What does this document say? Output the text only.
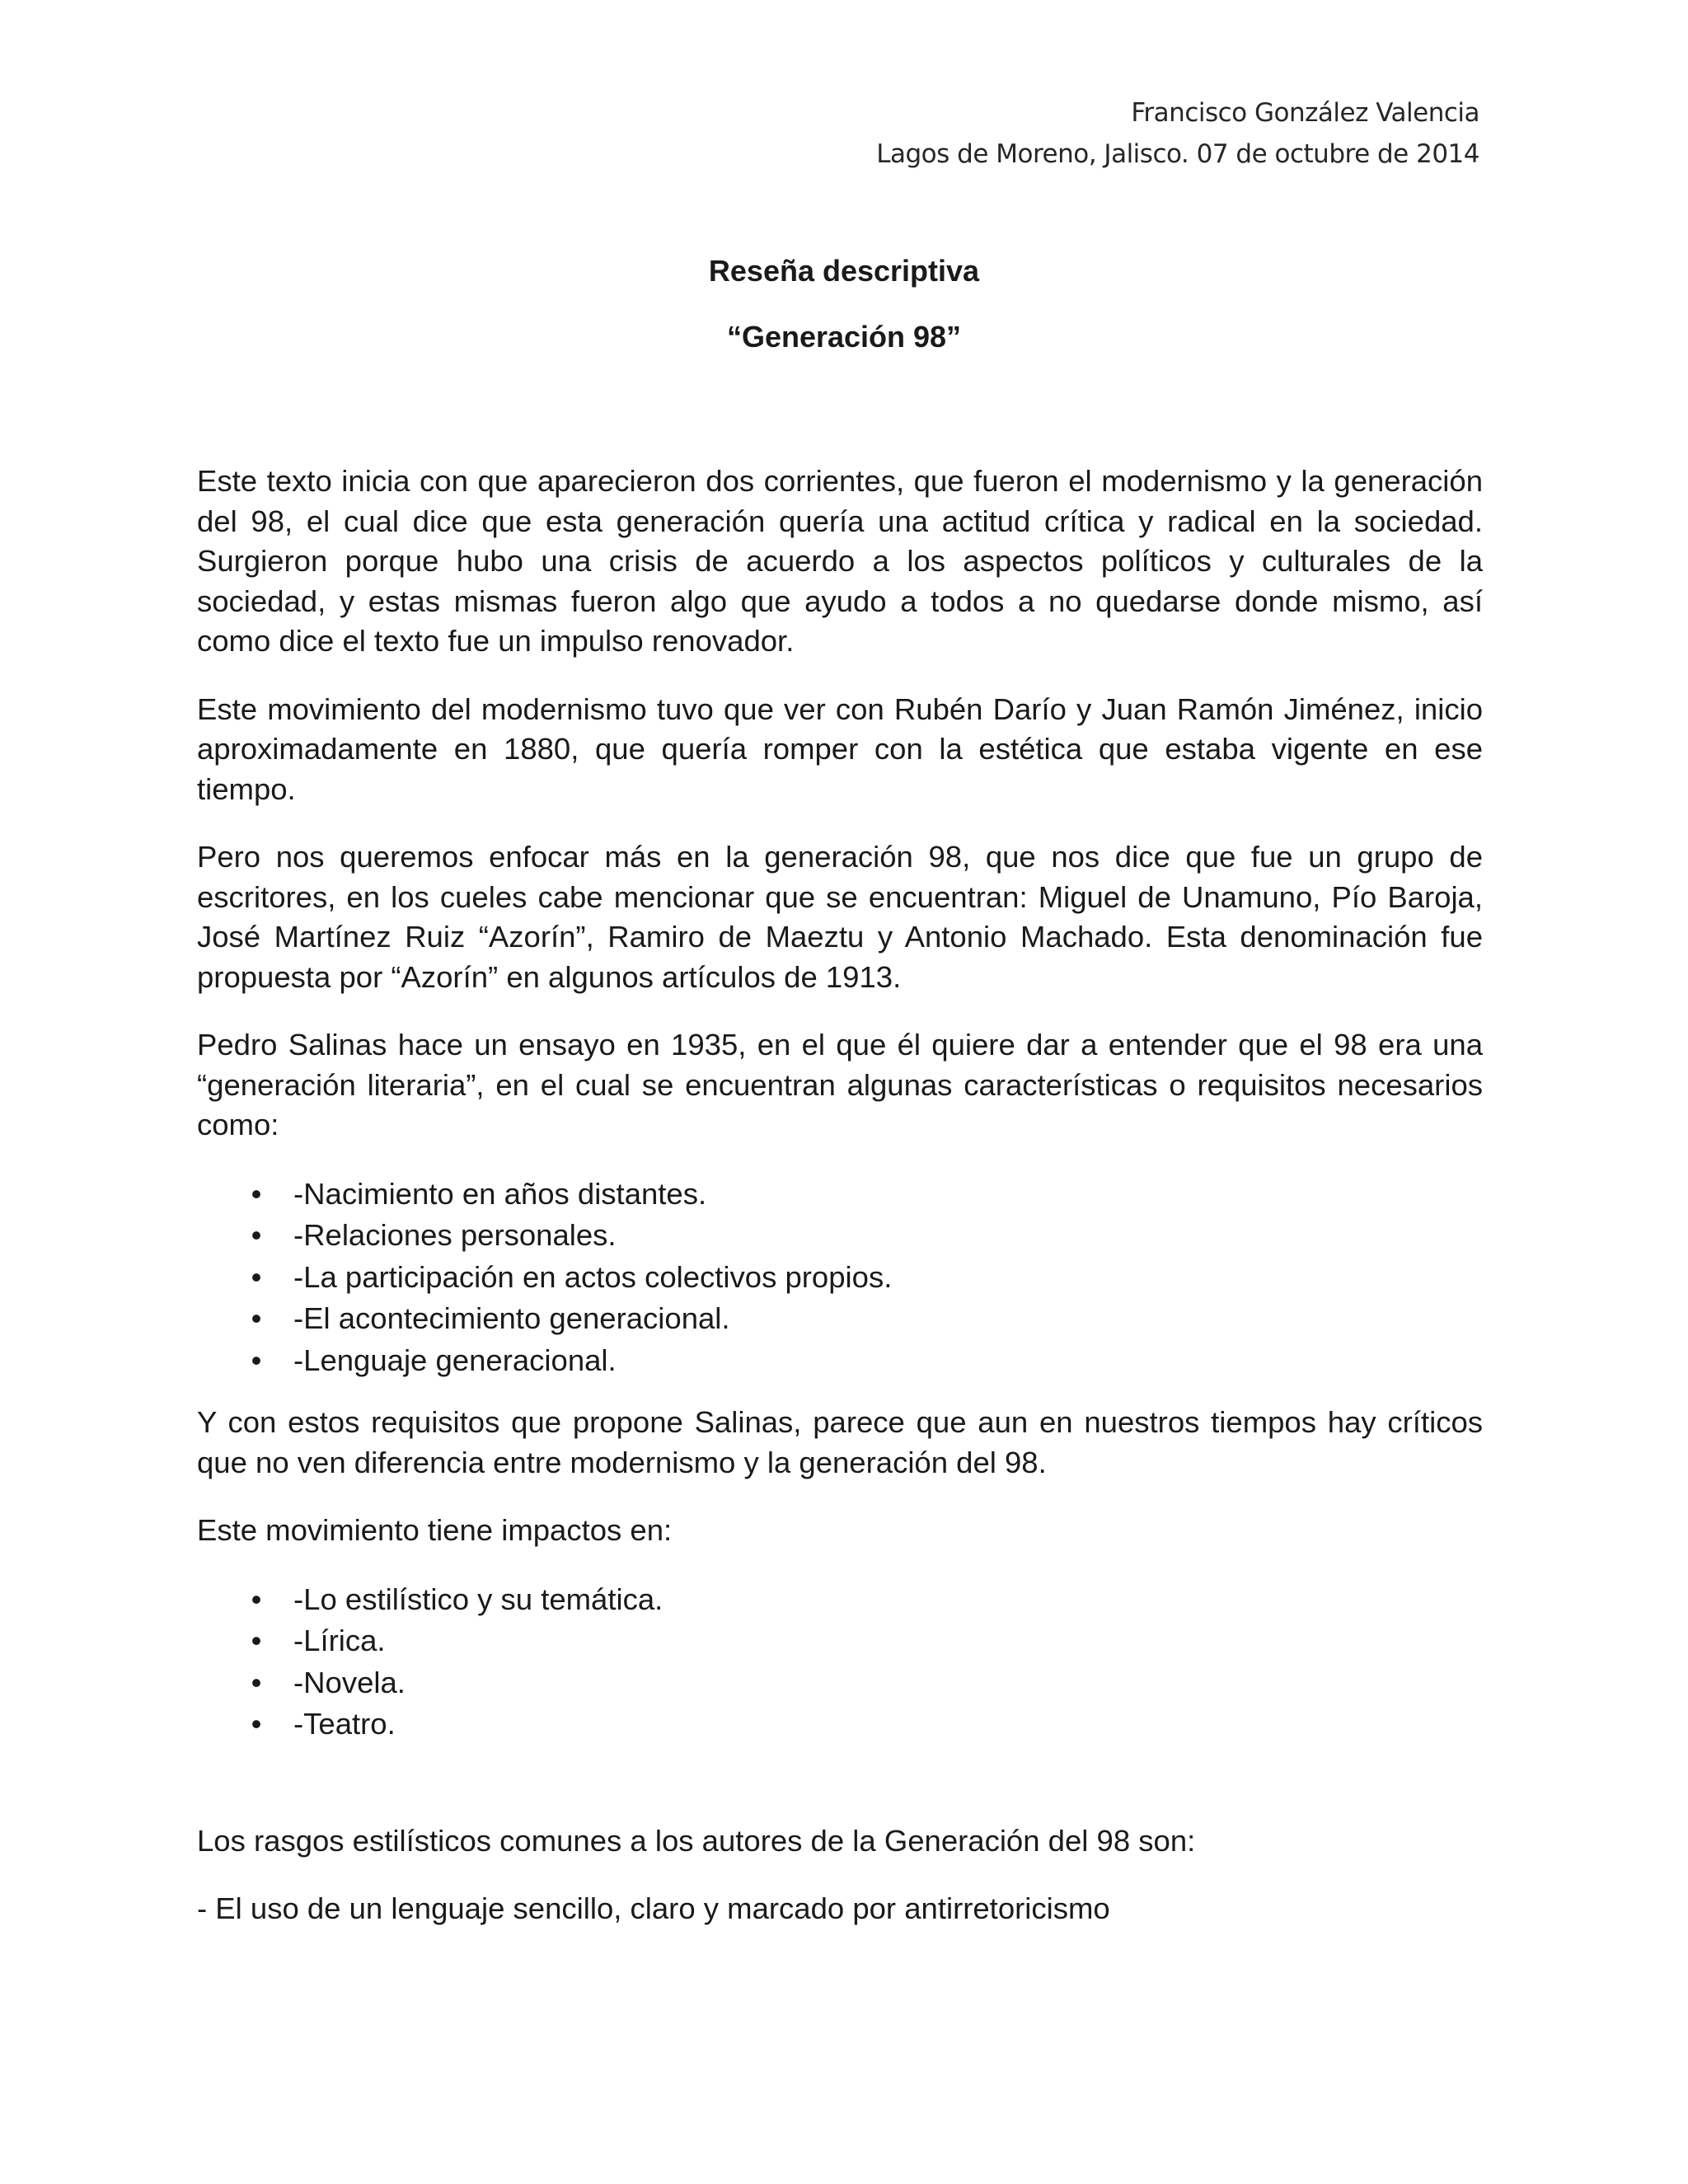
Francisco González Valencia
Lagos de Moreno, Jalisco. 07 de octubre de 2014
Reseña descriptiva
“Generación 98”

Este texto inicia con que aparecieron dos corrientes, que fueron el modernismo y la generación del 98, el cual dice que esta generación quería una actitud crítica y radical en la sociedad. Surgieron porque hubo una crisis de acuerdo a los aspectos políticos y culturales de la sociedad, y estas mismas fueron algo que ayudo a todos a no quedarse donde mismo, así como dice el texto fue un impulso renovador.

Este movimiento del modernismo tuvo que ver con Rubén Darío y Juan Ramón Jiménez, inicio aproximadamente en 1880, que quería romper con la estética que estaba vigente en ese tiempo.

Pero nos queremos enfocar más en la generación 98, que nos dice que fue un grupo de escritores, en los cueles cabe mencionar que se encuentran: Miguel de Unamuno, Pío Baroja, José Martínez Ruiz “Azorín”, Ramiro de Maeztu y Antonio Machado. Esta denominación fue propuesta por “Azorín” en algunos artículos de 1913.

Pedro Salinas hace un ensayo en 1935, en el que él quiere dar a entender que el 98 era una “generación literaria”, en el cual se encuentran algunas características o requisitos necesarios como:

• -Nacimiento en años distantes.
• -Relaciones personales.
• -La participación en actos colectivos propios.
• -El acontecimiento generacional.
• -Lenguaje generacional.

Y con estos requisitos que propone Salinas, parece que aun en nuestros tiempos hay críticos que no ven diferencia entre modernismo y la generación del 98.

Este movimiento tiene impactos en:

• -Lo estilístico y su temática.
• -Lírica.
• -Novela.
• -Teatro.

Los rasgos estilísticos comunes a los autores de la Generación del 98 son:

- El uso de un lenguaje sencillo, claro y marcado por antirretoricismo
